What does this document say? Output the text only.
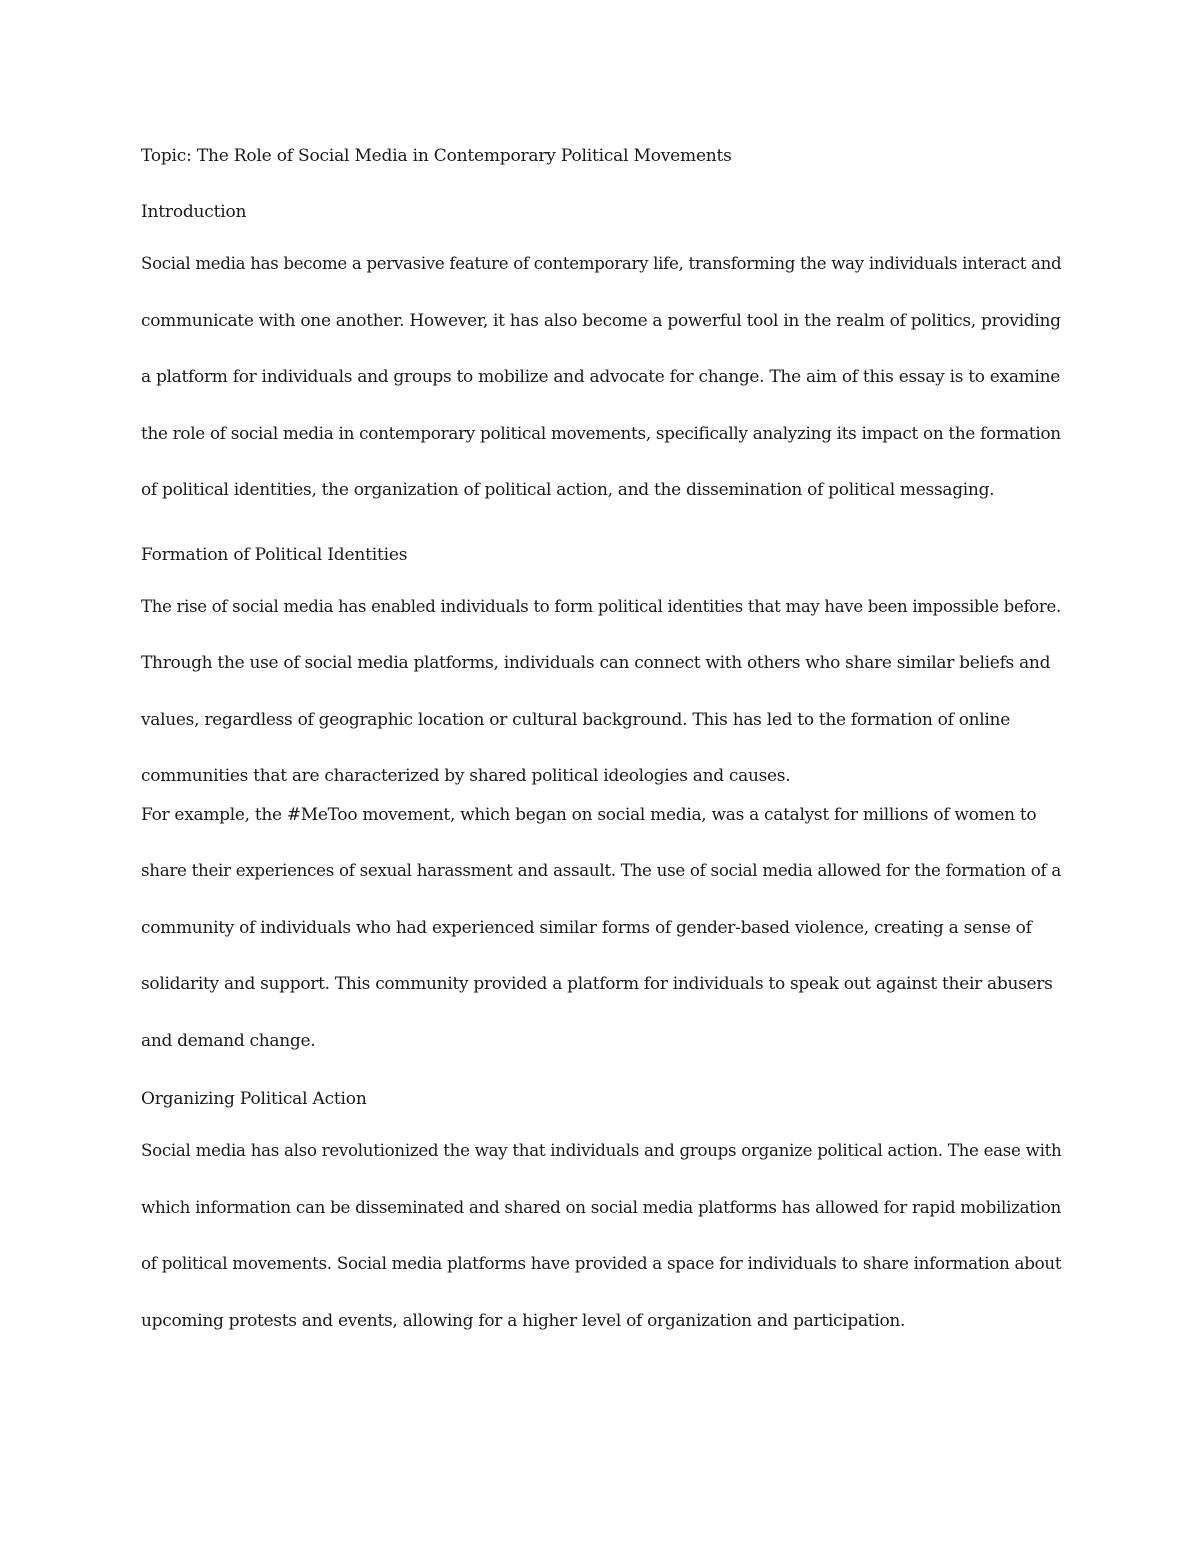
Topic: The Role of Social Media in Contemporary Political Movements

Introduction

Social media has become a pervasive feature of contemporary life, transforming the way individuals interact and
communicate with one another. However, it has also become a powerful tool in the realm of politics, providing
a platform for individuals and groups to mobilize and advocate for change. The aim of this essay is to examine
the role of social media in contemporary political movements, specifically analyzing its impact on the formation
of political identities, the organization of political action, and the dissemination of political messaging.

Formation of Political Identities

The rise of social media has enabled individuals to form political identities that may have been impossible before.
Through the use of social media platforms, individuals can connect with others who share similar beliefs and
values, regardless of geographic location or cultural background. This has led to the formation of online
communities that are characterized by shared political ideologies and causes.

For example, the #MeToo movement, which began on social media, was a catalyst for millions of women to
share their experiences of sexual harassment and assault. The use of social media allowed for the formation of a
community of individuals who had experienced similar forms of gender-based violence, creating a sense of
solidarity and support. This community provided a platform for individuals to speak out against their abusers
and demand change.

Organizing Political Action

Social media has also revolutionized the way that individuals and groups organize political action. The ease with
which information can be disseminated and shared on social media platforms has allowed for rapid mobilization
of political movements. Social media platforms have provided a space for individuals to share information about
upcoming protests and events, allowing for a higher level of organization and participation.
